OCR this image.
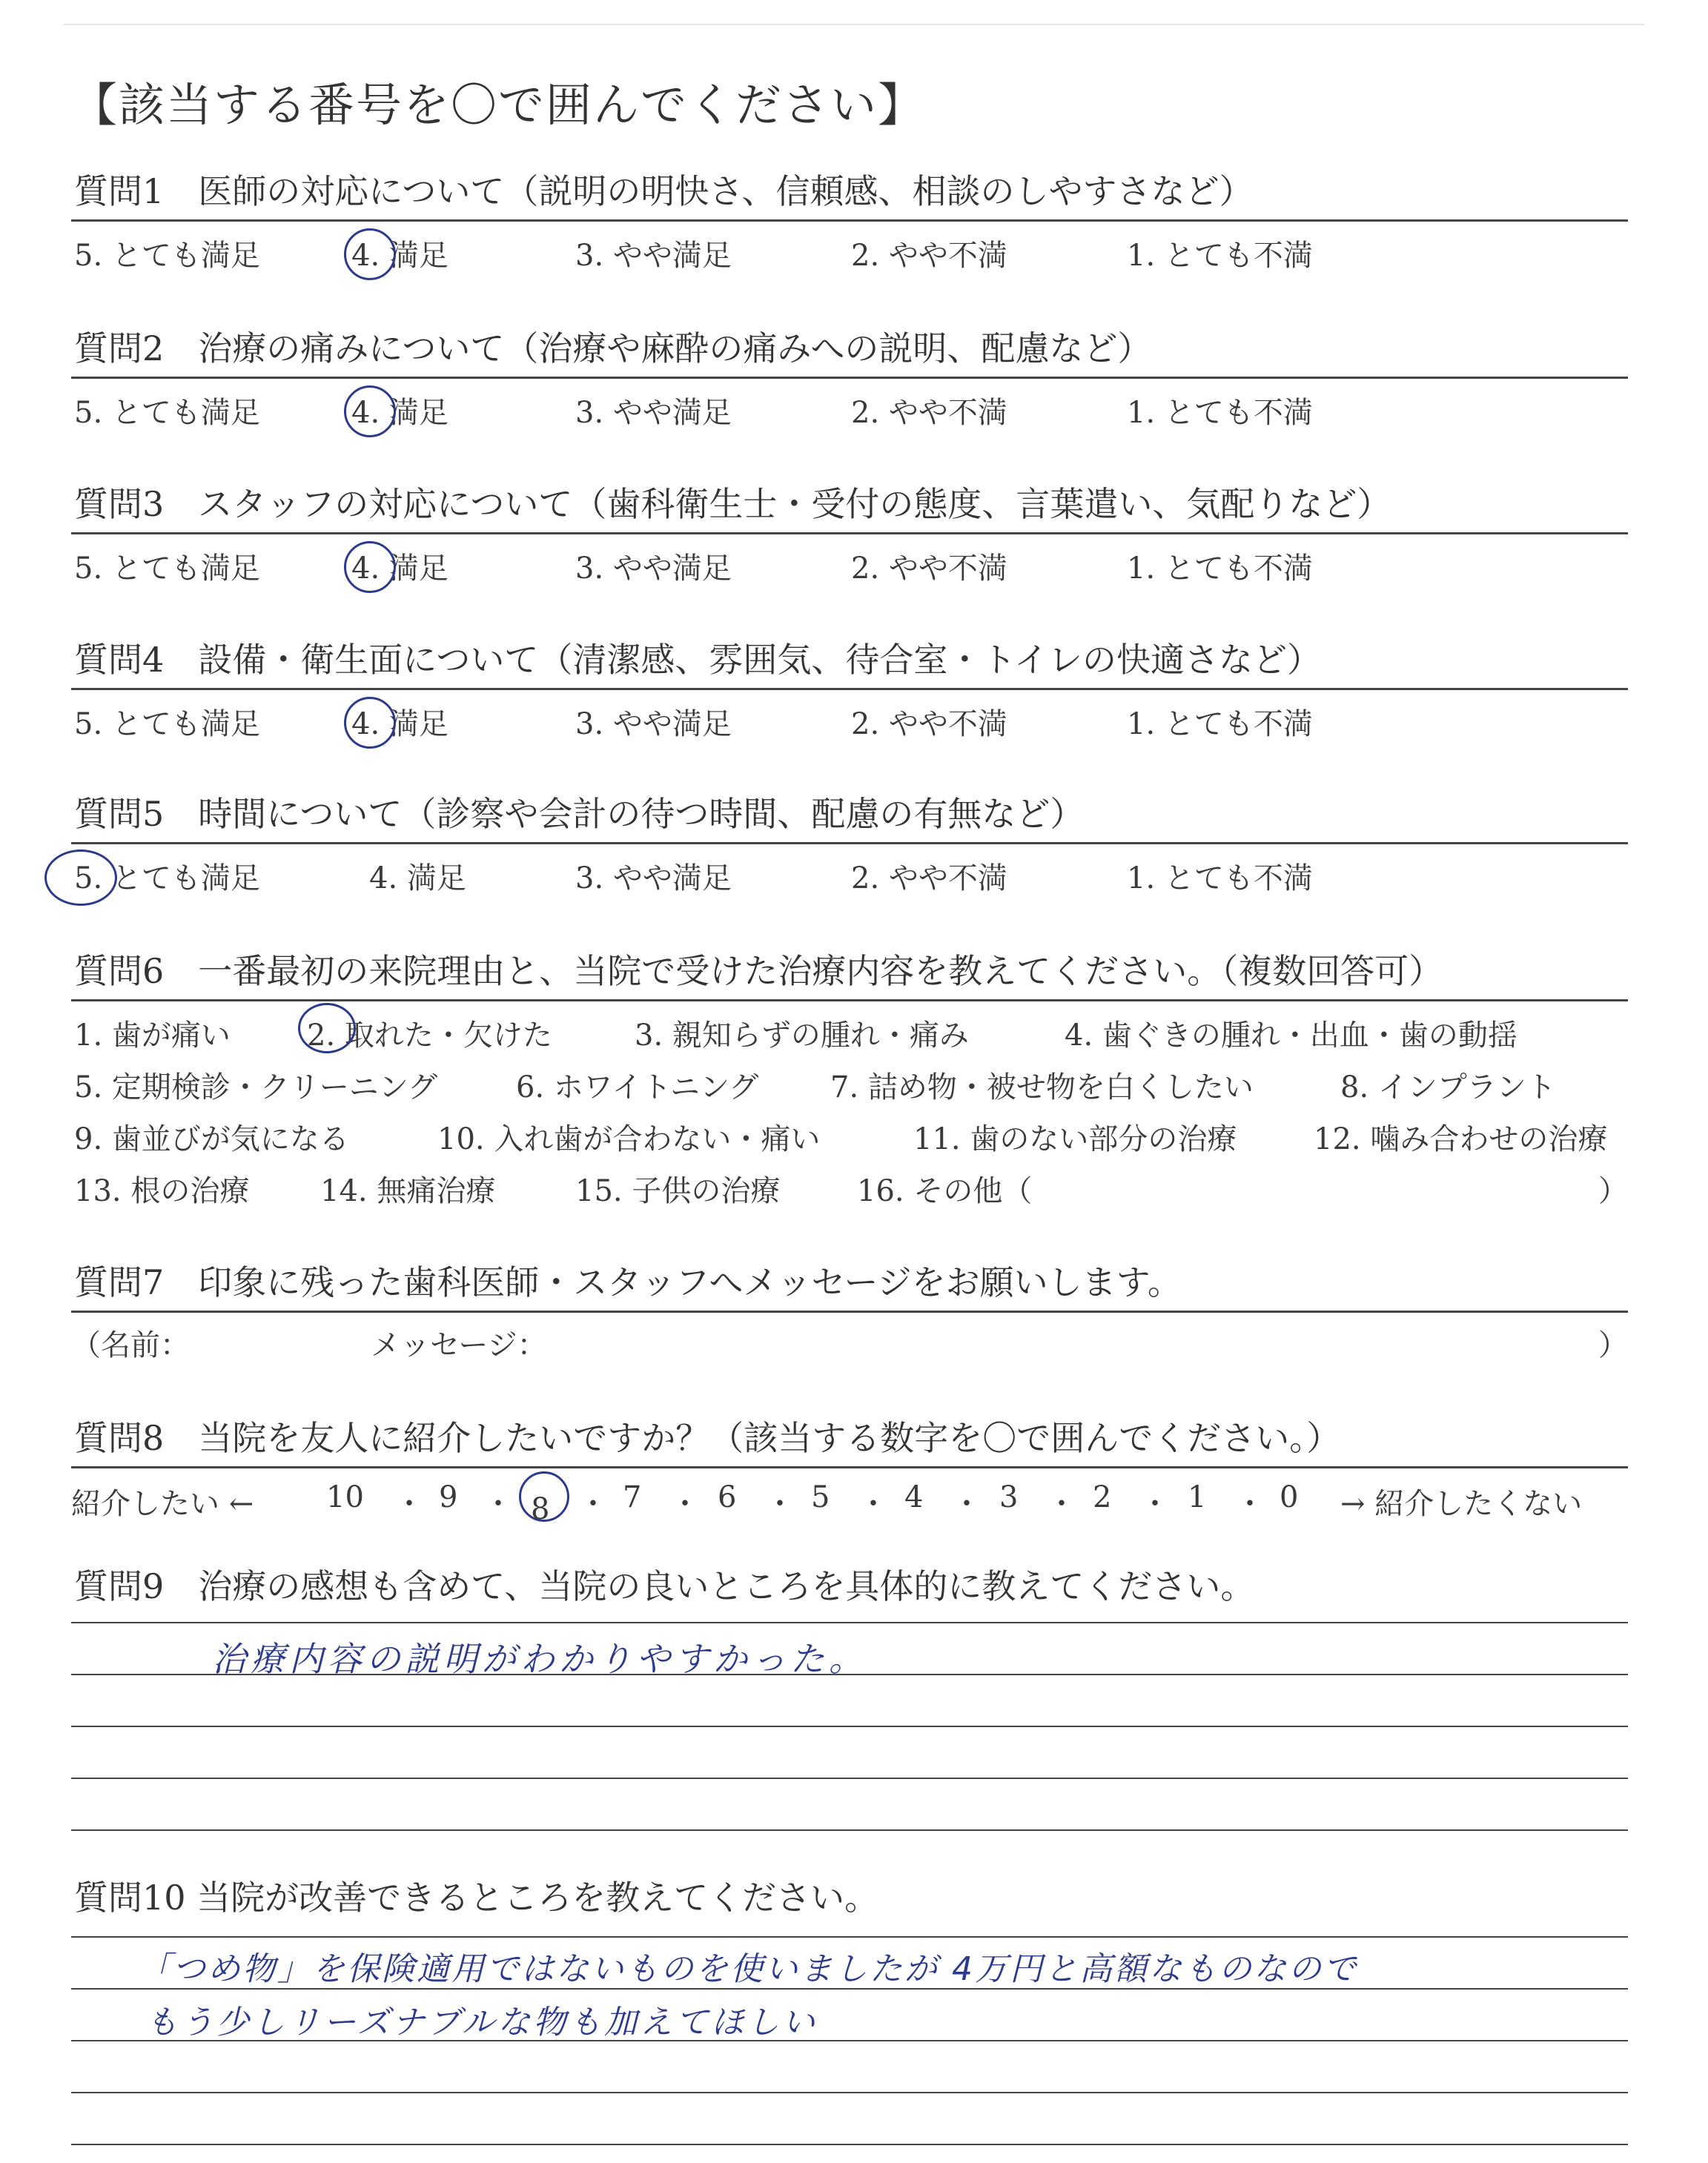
【該当する番号を〇で囲んでください】
質問1　医師の対応について（説明の明快さ、信頼感、相談のしやすさなど）
5. とても満足	4. 満足	3. やや満足	2. やや不満	1. とても不満
質問2　治療の痛みについて（治療や麻酔の痛みへの説明、配慮など）
5. とても満足	4. 満足	3. やや満足	2. やや不満	1. とても不満
質問3　スタッフの対応について（歯科衛生士・受付の態度、言葉遣い、気配りなど）
5. とても満足	4. 満足	3. やや満足	2. やや不満	1. とても不満
質問4　設備・衛生面について（清潔感、雰囲気、待合室・トイレの快適さなど）
5. とても満足	4. 満足	3. やや満足	2. やや不満	1. とても不満
質問5　時間について（診察や会計の待つ時間、配慮の有無など）
5. とても満足	4. 満足	3. やや満足	2. やや不満	1. とても不満
質問6　一番最初の来院理由と、当院で受けた治療内容を教えてください。（複数回答可）
1. 歯が痛い	2. 取れた・欠けた	3. 親知らずの腫れ・痛み	4. 歯ぐきの腫れ・出血・歯の動揺
5. 定期検診・クリーニング	6. ホワイトニング 7. 詰め物・被せ物を白くしたい	8. インプラント
9. 歯並びが気になる	10. 入れ歯が合わない・痛い	11. 歯のない部分の治療	12. 噛み合わせの治療
13. 根の治療 14. 無痛治療	15. 子供の治療	16. その他（	）
質問7　印象に残った歯科医師・スタッフへメッセージをお願いします。
（名前：	メッセージ：	）
質問8　当院を友人に紹介したいですか？（該当する数字を〇で囲んでください。）
紹介したい ← 10 ・ 9 ・ 8 ・ 7 ・ 6 ・ 5 ・ 4 ・ 3 ・ 2 ・ 1 ・ 0 → 紹介したくない
質問9　治療の感想も含めて、当院の良いところを具体的に教えてください。
治療内容の説明がわかりやすかった。
質問10 当院が改善できるところを教えてください。
「つめ物」を保険適用ではないものを使いましたが 4万円と高額なものなので
もう少しリーズナブルな物も加えてほしい
